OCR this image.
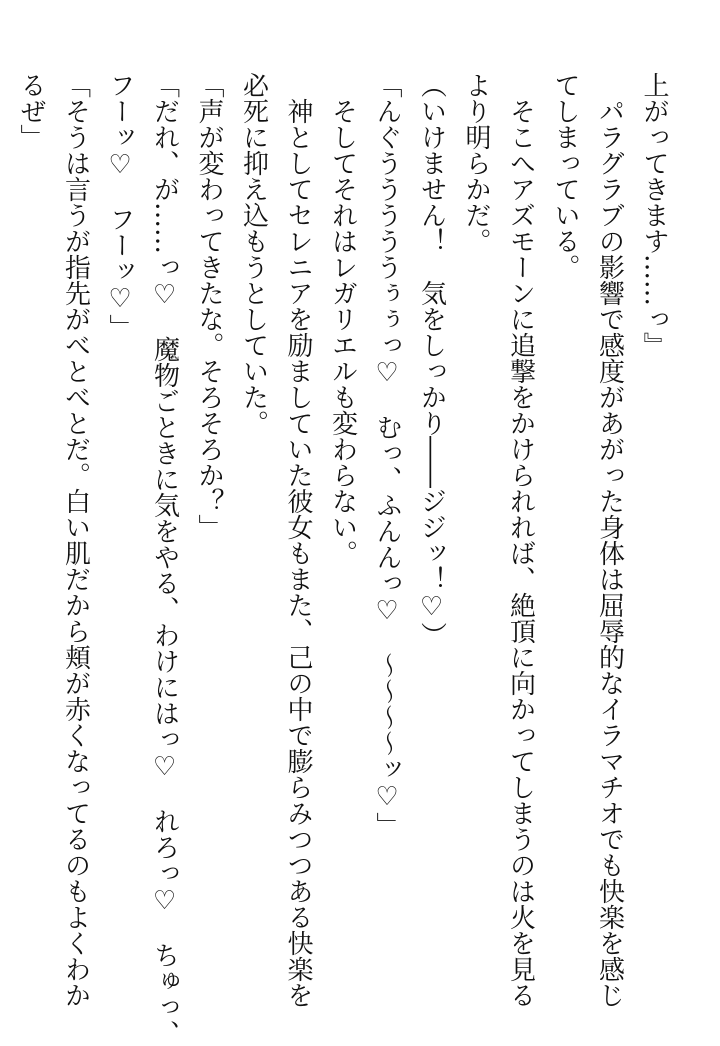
上がってきます……っ』
　パラグラブの影響で感度があがった身体は屈辱的なイラマチオでも快楽を感じ
てしまっている。
　そこへアズモーンに追撃をかけられれば、絶頂に向かってしまうのは火を見る
より明らかだ。
（いけません！　気をしっかり――ジジッ！♡）
「んぐうううううぅぅっ♡　むっ、ふんんっ♡　～～～～ッ♡」
　そしてそれはレガリエルも変わらない。
　神としてセレニアを励ましていた彼女もまた、己の中で膨らみつつある快楽を
必死に抑え込もうとしていた。
「声が変わってきたな。そろそろか？」
「だれ、が……っ♡　魔物ごときに気をやる、わけにはっ♡　れろっ♡　ちゅっ、
フーッ♡　フーッ♡」
「そうは言うが指先がべとべとだ。白い肌だから頬が赤くなってるのもよくわか
るぜ」
